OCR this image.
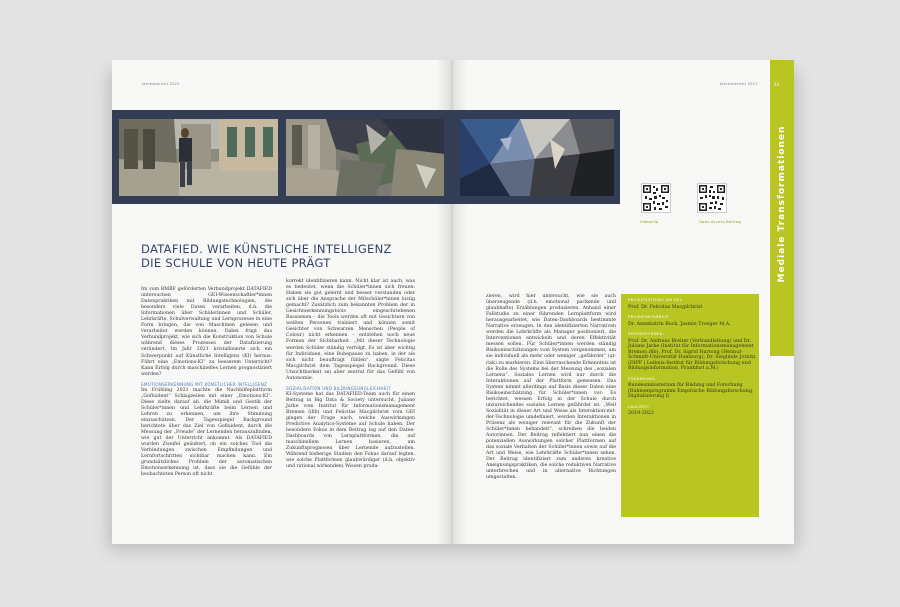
Jahresbericht 2021	Jahresbericht 2021
Mediale Transformationen
24
Videoclip	Open-Access-Beitrag
DATAFIED. WIE KÜNSTLICHE INTELLIGENZ
DIE SCHULE VON HEUTE PRÄGT

Im vom BMBF geförderten Verbundprojekt DATAFIED untersuchen GEI-Wissenschaftler*innen Datenpraktiken mit Bildungstechnologien, die besonders viele Daten verarbeiten, d.h. die Informationen über Schülerinnen und Schüler, Lehrkräfte, Schulverwaltung und Lernprozesse in eine Form bringen, die von Maschinen gelesen und verarbeitet werden können. Dabei fragt das Verbundprojekt, wie sich die Konstruktion von Schule während dieses Prozesses der Datafizierung verändert. Im Jahr 2021 kristallisierte sich ein Schwerpunkt auf Künstliche Intelligenz (KI) heraus: Führt eine „Emotions-KI“ zu besserem Unterricht? Kann Erfolg durch maschinelles Lernen prognostiziert werden?

EMOTIONSERKENNUNG MIT KÜNSTLICHER INTELLIGENZ

Im Frühling 2021 machte die Nachhilfeplattform „Gofluident“ Schlagzeilen mit einer „Emotions-KI“. Diese zielte darauf ab, die Mimik und Gestik der Schüler*innen und Lehrkräfte beim Lernen und Lehren zu erkennen, um ihre Stimmung einzuschätzen. Der Tagesspiegel Background berichtete über das Ziel von Gofluident, durch die Messung der „Freude“ der Lernenden herauszufinden, wie gut der Unterricht ankommt. Als DATAFIED wurden Zweifel geäußert, ob ein solches Tool die Verbindungen zwischen Empfindungen und Lernfortschritten sichtbar machen kann. Ein grundsätzliches Problem der automatischen Emotionserkennung ist, dass sie die Gefühle der beobachteten Person oft nicht

korrekt identifizieren kann. Nicht klar ist auch, was es bedeutet, wenn die Schüler*innen sich freuen: Haben sie gut gelernt und besser verstanden oder sich über die Ansprache der Mitschüler*innen lustig gemacht? Zusätzlich zum bekannten Problem der in Gesichtserkennungstools eingeschriebenen Rassismen – die Tools werden oft mit Gesichtern von weißen Personen trainiert und können somit Gesichter von Schwarzen Menschen (People of Colour) nicht erkennen – entstehen noch neue Formen der Sichtbarkeit. „Mit dieser Technologie werden Schüler ständig verfolgt. Es ist aber wichtig für Individuen, eine Ruhepause zu haben, in der sie sich nicht beauftragt fühlen“, sagte Felicitas Macgilchrist dem Tagesspiegel Background. Diese Unsichtbarkeit sei aber zentral für das Gefühl von Autonomie.

SOZIALISATION UND BILDUNGSUNGLEICHHEIT

KI-Systeme hat das DATAFIED-Team auch für einen Beitrag in Big Data & Society untersucht. Juliane Jarke vom Institut für Informationsmanagement Bremen (ifib) und Felicitas Macgilchrist vom GEI gingen der Frage nach, welche Auswirkungen Predictive Analytics-Systeme auf Schule haben. Der besondere Fokus in dem Beitrag lag auf den Daten-Dashboards von Lernplattformen, die auf maschinellem Lernen basieren, um Zukunftsprognosen über Lernende aufzustellen. Während bisherige Studien den Fokus darauf legten, wie solche Plattformen glaubwürdiger (d.h. objektiv und rational wirkenden) Wissen produ-

zieren, wird hier untersucht, wie sie auch überzeugende (d.h. emotional packende und glaubhafte) Erzählungen produzieren. Anhand einer Fallstudie zu einer führenden Lernplattform wird herausgearbeitet, wie Daten-Dashboards bestimmte Narrative erzeugen. In den identifizierten Narrativen werden die Lehrkräfte als Manager positioniert, die Interventionen entwickeln und deren Effektivität messen sollen. Für Schüler*innen werden ständig Risikoeinschätzungen vom System vorgenommen, um sie individuell als mehr oder weniger „gefährdet“ (at-risk) zu markieren. Eine überraschende Erkenntnis ist die Rolle des Systems bei der Messung des „sozialen Lernens“. Soziales Lernen wird nur durch die Interaktionen auf der Plattform gemessen. Das System nimmt allerdings auf Basis dieser Daten eine Risikoeinschätzung für Schüler*innen vor: Es berichtet, wessen Erfolg in der Schule durch unzureichendes soziales Lernen gefährdet ist. „Weil Sozialität in dieser Art und Weise als Interaktion-mit-der-Technologie umdefiniert, werden Interaktionen in Präsenz als weniger relevant für die Zukunft der Schüler*innen behandelt“, schreiben die beiden Autorinnen. Der Beitrag reflektiert nun einen die potenziellen Auswirkungen solcher Plattformen auf das soziale Verhalten der Schüler*innen sowie auf die Art und Weise, wie Lehrkräfte Schüler*innen sehen. Der Beitrag identifiziert zum anderen kreative Aneignungspraktiken, die solche reduktiven Narrative unterbrechen und in alternative Richtungen umgestalten.

PROJEKTLEITUNG AM GEI:
Prof. Dr. Felicitas Macgilchrist
PROJEKTMITARBEIT:
Dr. Annekatrin Bock, Jasmin Troeger M.A.
PARTNER*INNEN:
Prof. Dr. Andreas Breiter (Verbundleitung) und Dr. Juliane Jarke (Institut für Informationsmanagement Bremen ifib), Prof. Dr. Sigrid Hartong (Helmut-Schmidt-Universität Hamburg), Dr. Sieglinde Jornitz (DIPF | Leibniz-Institut für Bildungsforschung und Bildungsinformation, Frankfurt a.M.)
FÖRDERUNG:
Bundesministerium für Bildung und Forschung (Rahmenprogramm Empirische Bildungsforschung, Digitalisierung I)
LAUFZEIT:
2019-2022
